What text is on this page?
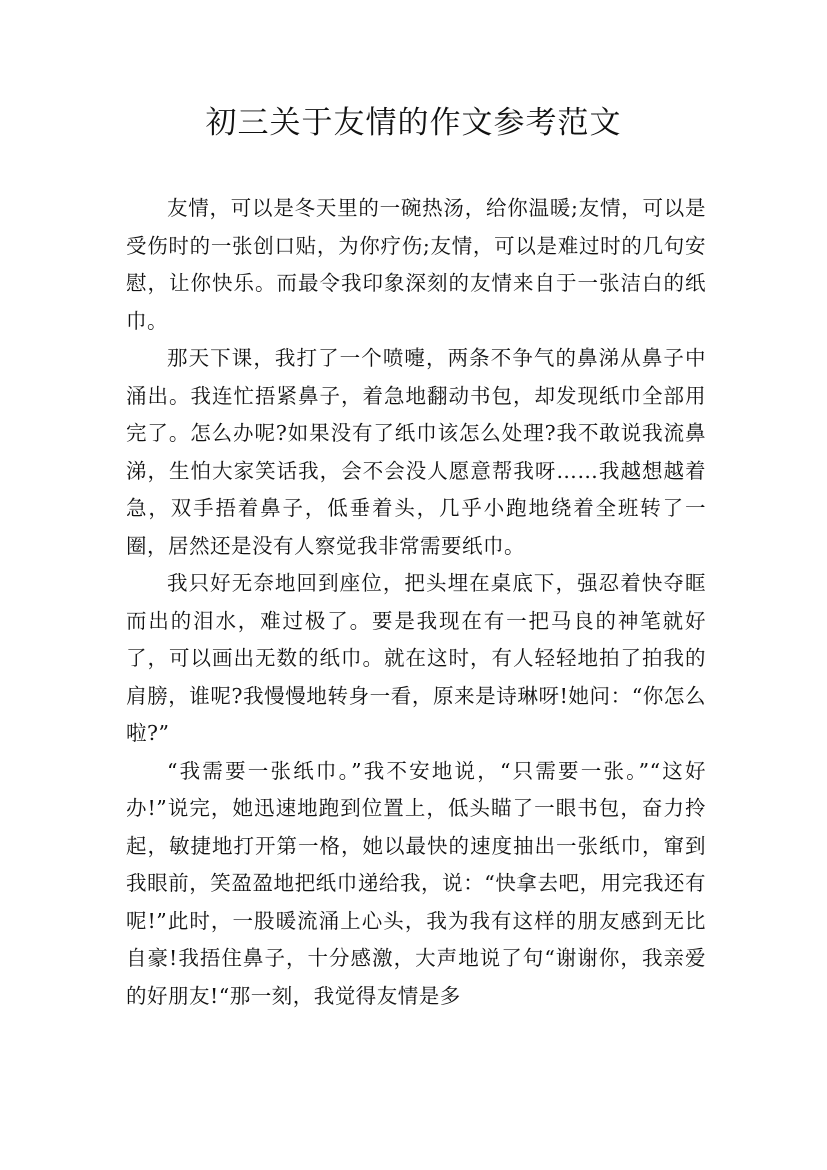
初三关于友情的作文参考范文

友情，可以是冬天里的一碗热汤，给你温暖;友情，可以是受伤时的一张创口贴，为你疗伤;友情，可以是难过时的几句安慰，让你快乐。而最令我印象深刻的友情来自于一张洁白的纸巾。

那天下课，我打了一个喷嚏，两条不争气的鼻涕从鼻子中涌出。我连忙捂紧鼻子，着急地翻动书包，却发现纸巾全部用完了。怎么办呢?如果没有了纸巾该怎么处理?我不敢说我流鼻涕，生怕大家笑话我，会不会没人愿意帮我呀……我越想越着急，双手捂着鼻子，低垂着头，几乎小跑地绕着全班转了一圈，居然还是没有人察觉我非常需要纸巾。

我只好无奈地回到座位，把头埋在桌底下，强忍着快夺眶而出的泪水，难过极了。要是我现在有一把马良的神笔就好了，可以画出无数的纸巾。就在这时，有人轻轻地拍了拍我的肩膀，谁呢?我慢慢地转身一看，原来是诗琳呀!她问：“你怎么啦?”

“我需要一张纸巾。”我不安地说，“只需要一张。”“这好办!”说完，她迅速地跑到位置上，低头瞄了一眼书包，奋力拎起，敏捷地打开第一格，她以最快的速度抽出一张纸巾，窜到我眼前，笑盈盈地把纸巾递给我，说：“快拿去吧，用完我还有呢!”此时，一股暖流涌上心头，我为我有这样的朋友感到无比自豪!我捂住鼻子，十分感激，大声地说了句“谢谢你，我亲爱的好朋友!“那一刻，我觉得友情是多
